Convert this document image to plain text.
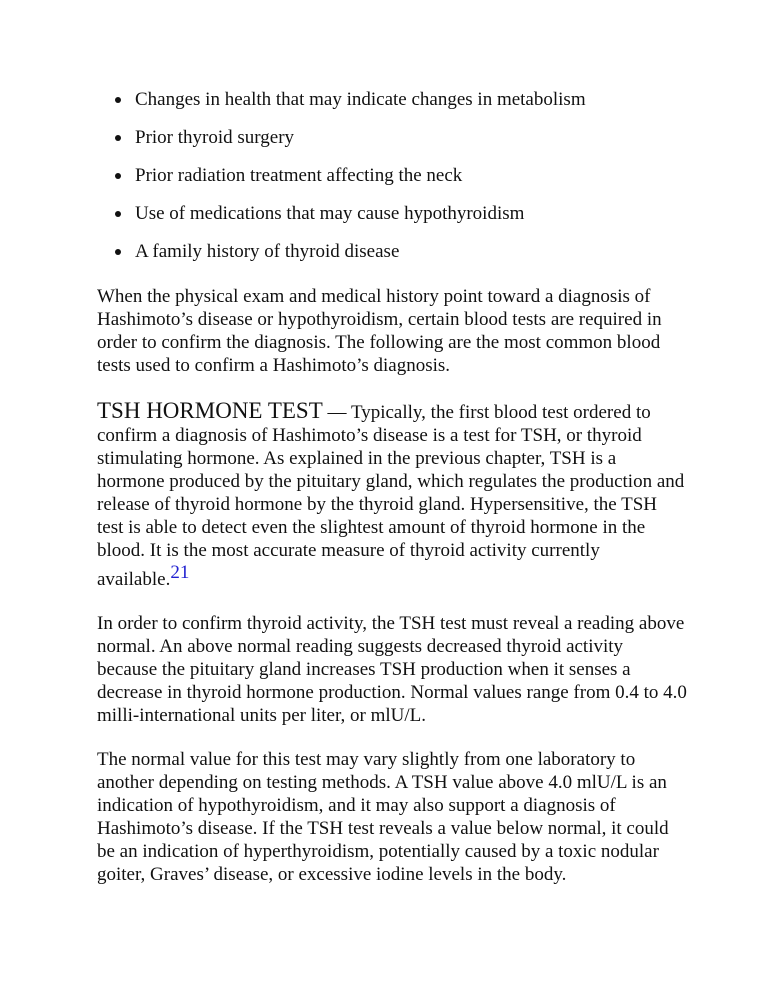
Changes in health that may indicate changes in metabolism
Prior thyroid surgery
Prior radiation treatment affecting the neck
Use of medications that may cause hypothyroidism
A family history of thyroid disease

When the physical exam and medical history point toward a diagnosis of Hashimoto’s disease or hypothyroidism, certain blood tests are required in order to confirm the diagnosis. The following are the most common blood tests used to confirm a Hashimoto’s diagnosis.

TSH HORMONE TEST — Typically, the first blood test ordered to confirm a diagnosis of Hashimoto’s disease is a test for TSH, or thyroid stimulating hormone. As explained in the previous chapter, TSH is a hormone produced by the pituitary gland, which regulates the production and release of thyroid hormone by the thyroid gland. Hypersensitive, the TSH test is able to detect even the slightest amount of thyroid hormone in the blood. It is the most accurate measure of thyroid activity currently available.21

In order to confirm thyroid activity, the TSH test must reveal a reading above normal. An above normal reading suggests decreased thyroid activity because the pituitary gland increases TSH production when it senses a decrease in thyroid hormone production. Normal values range from 0.4 to 4.0 milli-international units per liter, or mlU/L.

The normal value for this test may vary slightly from one laboratory to another depending on testing methods. A TSH value above 4.0 mlU/L is an indication of hypothyroidism, and it may also support a diagnosis of Hashimoto’s disease. If the TSH test reveals a value below normal, it could be an indication of hyperthyroidism, potentially caused by a toxic nodular goiter, Graves’ disease, or excessive iodine levels in the body.
